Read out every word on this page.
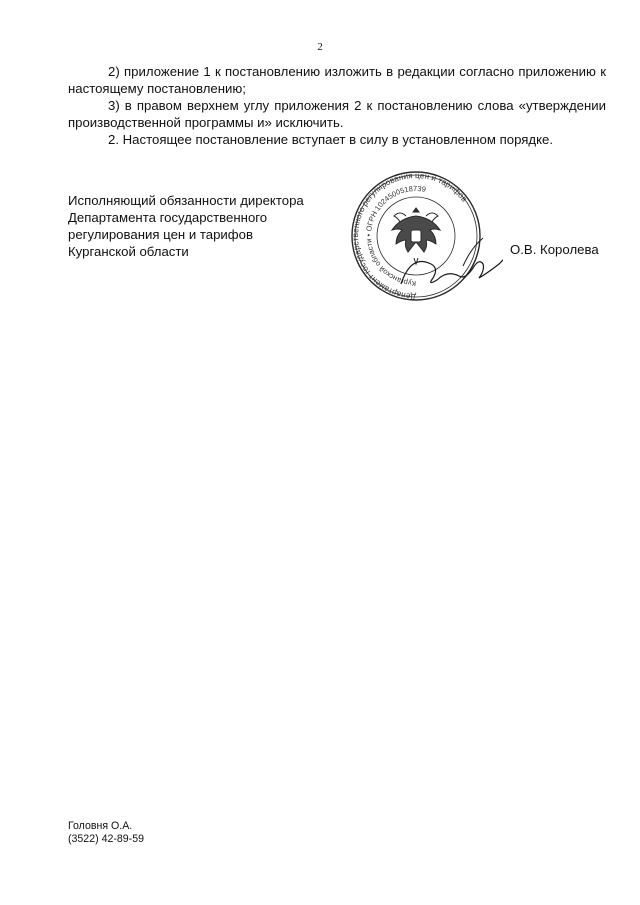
2

2) приложение 1 к постановлению изложить в редакции согласно приложению к настоящему постановлению;

3) в правом верхнем углу приложения 2 к постановлению слова «утверждении производственной программы и» исключить.

2. Настоящее постановление вступает в силу в установленном порядке.

Исполняющий обязанности директора
Департамента государственного
регулирования цен и тарифов
Курганской области
Департамент государственного регулирования цен и тарифов
Курганской области • ОГРН 1024500518739
О.В. Королева
Головня О.А.
(3522) 42-89-59
